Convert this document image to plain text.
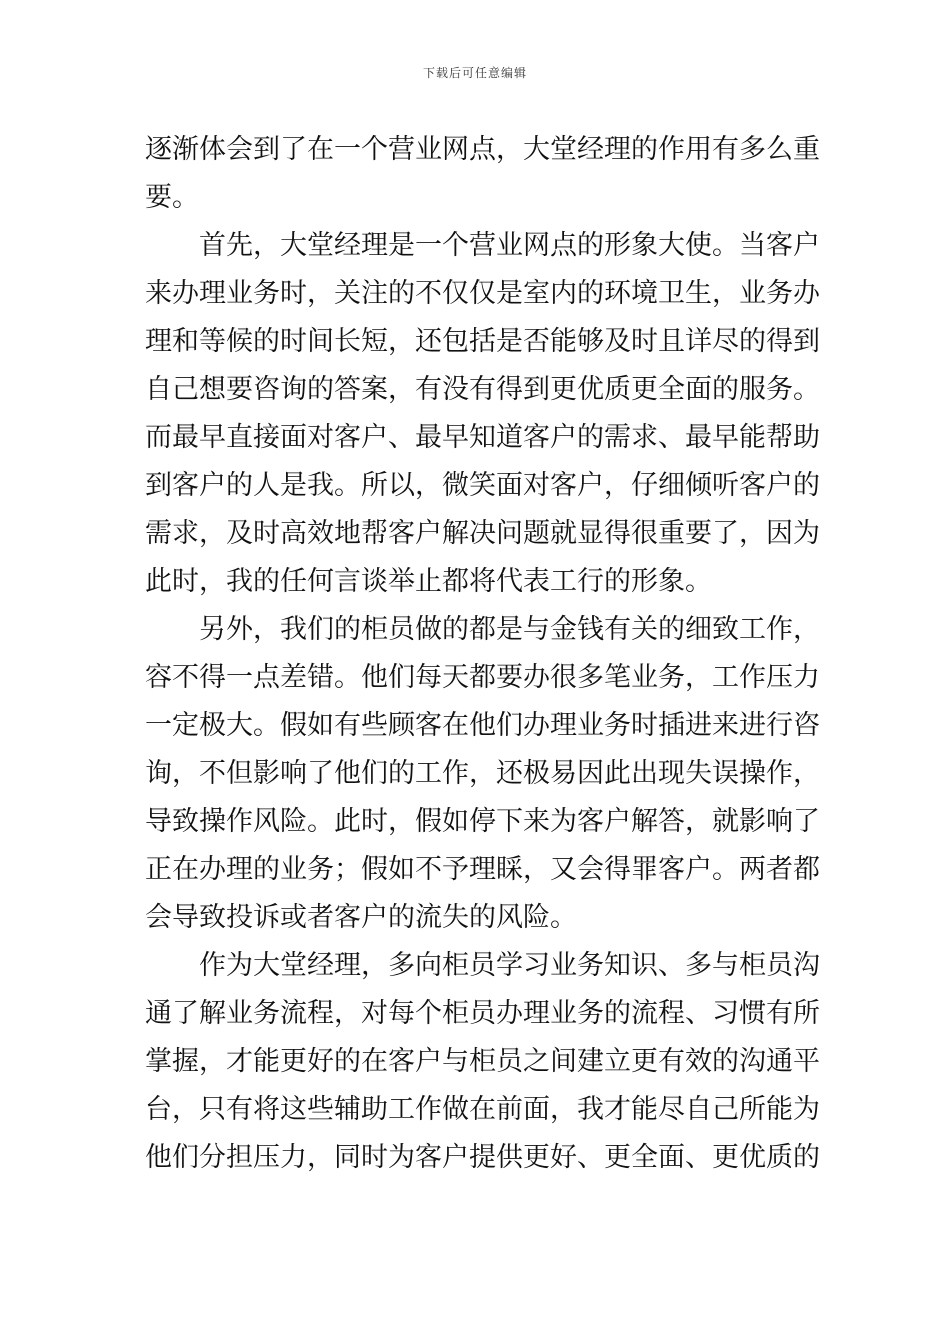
下载后可任意编辑
逐渐体会到了在一个营业网点，大堂经理的作用有多么重
要。
首先，大堂经理是一个营业网点的形象大使。当客户
来办理业务时，关注的不仅仅是室内的环境卫生，业务办
理和等候的时间长短，还包括是否能够及时且详尽的得到
自己想要咨询的答案，有没有得到更优质更全面的服务。
而最早直接面对客户、最早知道客户的需求、最早能帮助
到客户的人是我。所以，微笑面对客户，仔细倾听客户的
需求，及时高效地帮客户解决问题就显得很重要了，因为
此时，我的任何言谈举止都将代表工行的形象。
另外，我们的柜员做的都是与金钱有关的细致工作，
容不得一点差错。他们每天都要办很多笔业务，工作压力
一定极大。假如有些顾客在他们办理业务时插进来进行咨
询，不但影响了他们的工作，还极易因此出现失误操作，
导致操作风险。此时，假如停下来为客户解答，就影响了
正在办理的业务；假如不予理睬，又会得罪客户。两者都
会导致投诉或者客户的流失的风险。
作为大堂经理，多向柜员学习业务知识、多与柜员沟
通了解业务流程，对每个柜员办理业务的流程、习惯有所
掌握，才能更好的在客户与柜员之间建立更有效的沟通平
台，只有将这些辅助工作做在前面，我才能尽自己所能为
他们分担压力，同时为客户提供更好、更全面、更优质的
